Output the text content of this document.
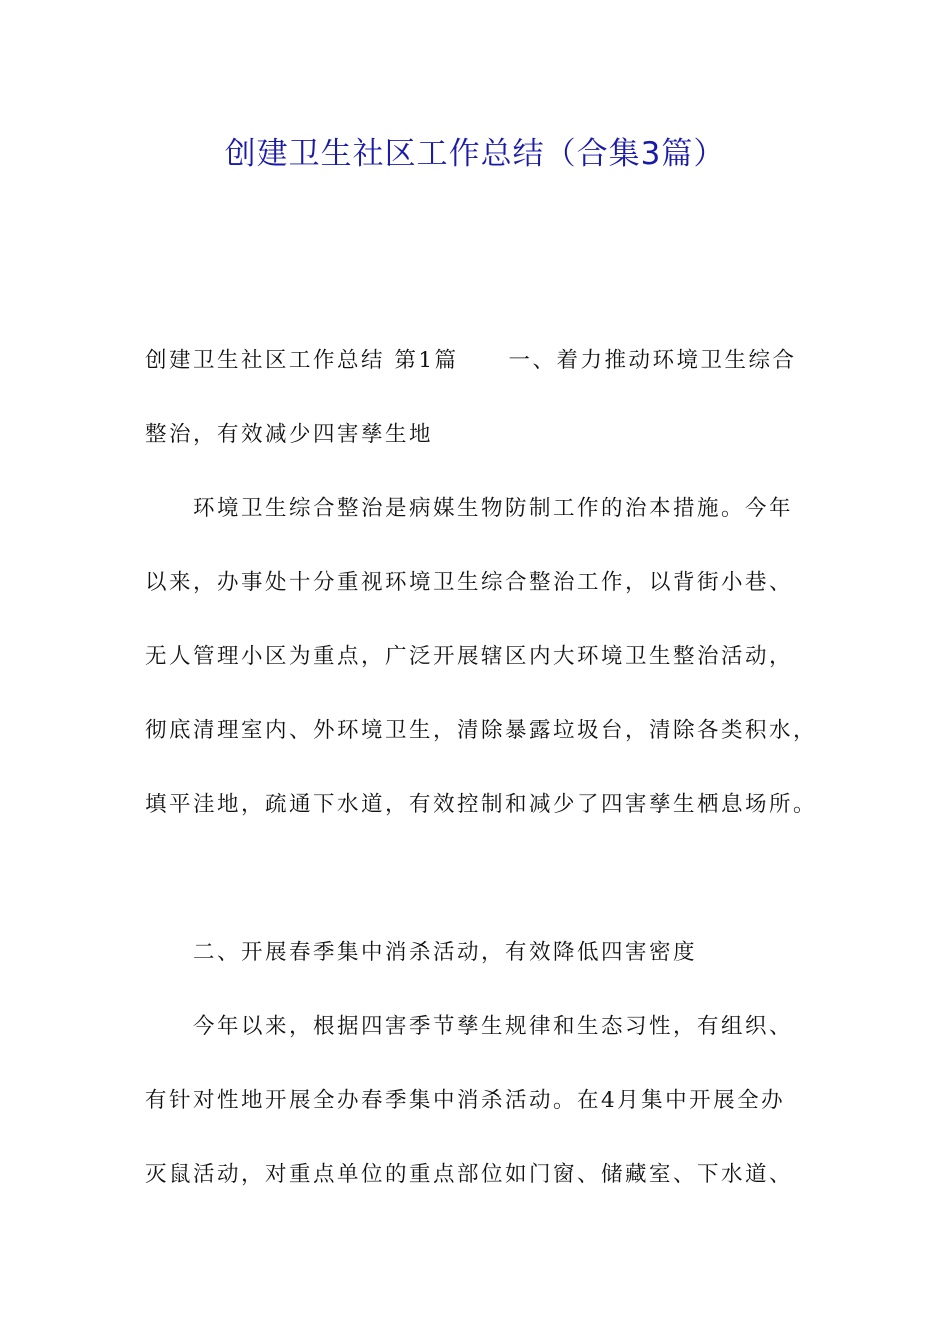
创建卫生社区工作总结（合集3篇）

创建卫生社区工作总结 第1篇 一、着力推动环境卫生综合

整治，有效减少四害孳生地

环境卫生综合整治是病媒生物防制工作的治本措施。今年

以来，办事处十分重视环境卫生综合整治工作，以背街小巷、

无人管理小区为重点，广泛开展辖区内大环境卫生整治活动，

彻底清理室内、外环境卫生，清除暴露垃圾台，清除各类积水，

填平洼地，疏通下水道，有效控制和减少了四害孳生栖息场所。

二、开展春季集中消杀活动，有效降低四害密度

今年以来，根据四害季节孳生规律和生态习性，有组织、

有针对性地开展全办春季集中消杀活动。在4月集中开展全办

灭鼠活动，对重点单位的重点部位如门窗、储藏室、下水道、
